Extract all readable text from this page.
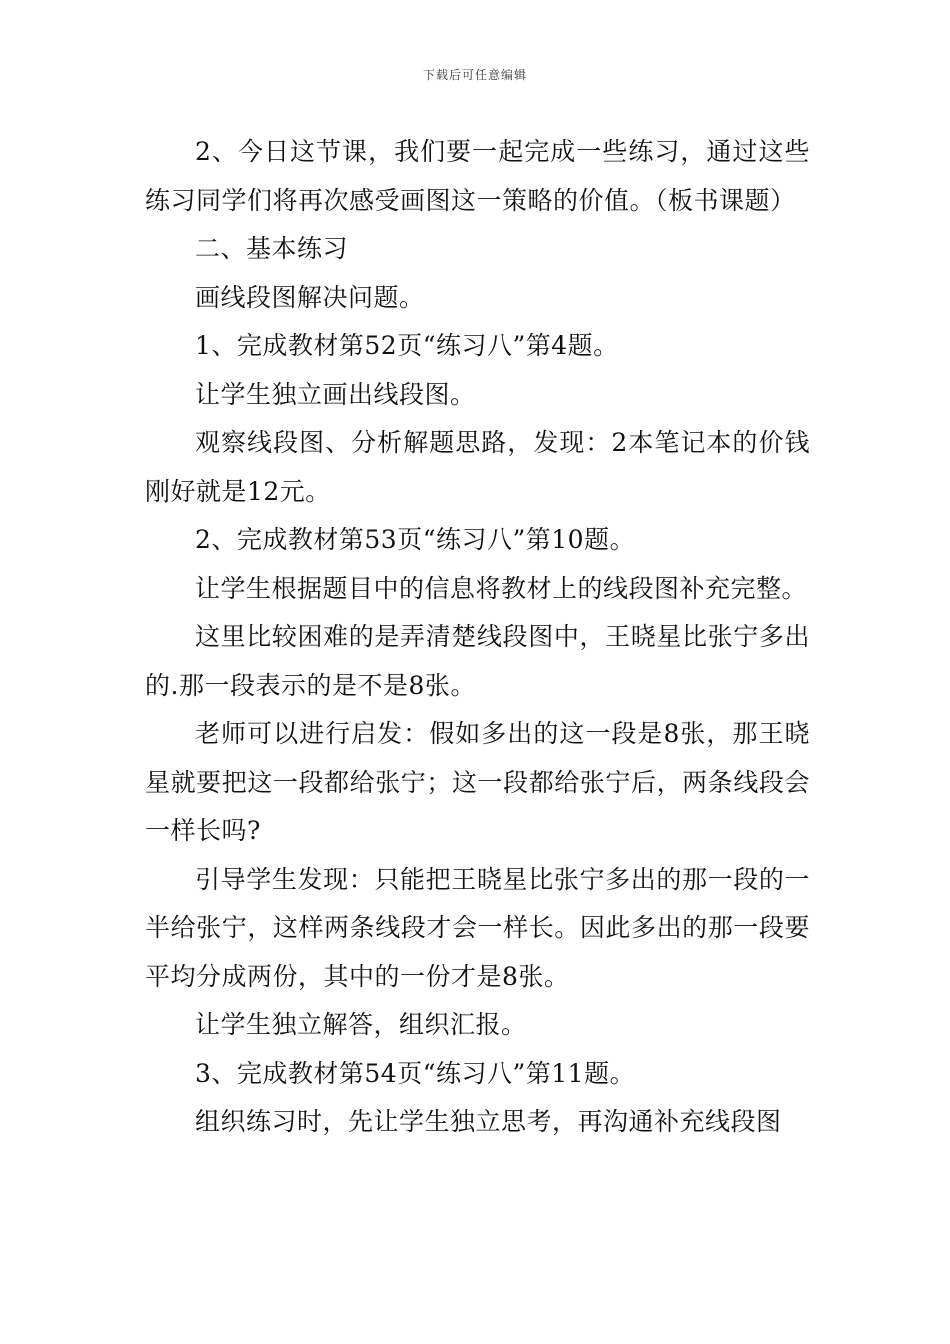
下载后可任意编辑

2、今日这节课，我们要一起完成一些练习，通过这些练习同学们将再次感受画图这一策略的价值。（板书课题）

二、基本练习

画线段图解决问题。

1、完成教材第52页“练习八”第4题。

让学生独立画出线段图。

观察线段图、分析解题思路，发现：2本笔记本的价钱刚好就是12元。

2、完成教材第53页“练习八”第10题。

让学生根据题目中的信息将教材上的线段图补充完整。

这里比较困难的是弄清楚线段图中，王晓星比张宁多出的.那一段表示的是不是8张。

老师可以进行启发：假如多出的这一段是8张，那王晓星就要把这一段都给张宁；这一段都给张宁后，两条线段会一样长吗?

引导学生发现：只能把王晓星比张宁多出的那一段的一半给张宁，这样两条线段才会一样长。因此多出的那一段要平均分成两份，其中的一份才是8张。

让学生独立解答，组织汇报。

3、完成教材第54页“练习八”第11题。

组织练习时，先让学生独立思考，再沟通补充线段图
